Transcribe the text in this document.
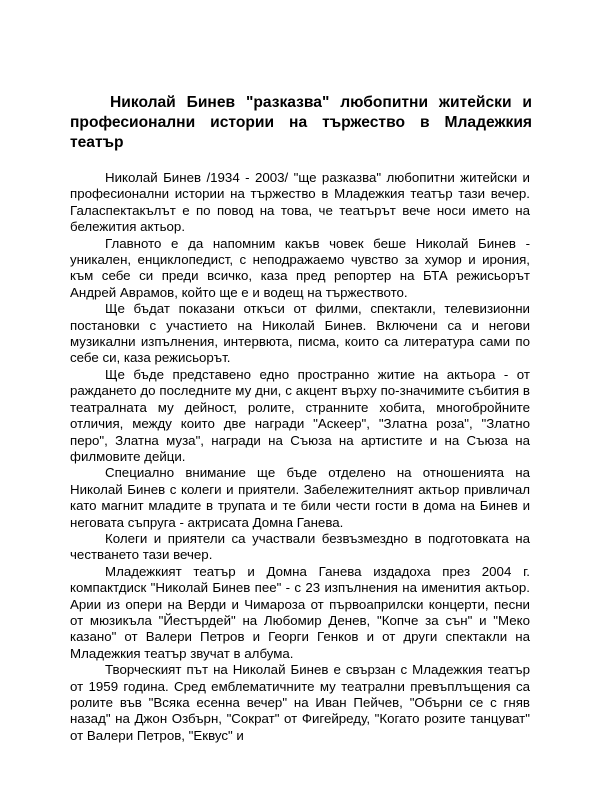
Николай Бинев "разказва" любопитни житейски и професионални истории на тържество в Младежкия театър

Николай Бинев /1934 - 2003/ "ще разказва" любопитни житейски и професионални истории на тържество в Младежкия театър тази вечер. Галаспектакълът е по повод на това, че театърът вече носи името на бележития актьор.

Главното е да напомним какъв човек беше Николай Бинев - уникален, енциклопедист, с неподражаемо чувство за хумор и ирония, към себе си преди всичко, каза пред репортер на БТА режисьорът Андрей Аврамов, който ще е и водещ на тържеството.

Ще бъдат показани откъси от филми, спектакли, телевизионни постановки с участието на Николай Бинев. Включени са и негови музикални изпълнения, интервюта, писма, които са литература сами по себе си, каза режисьорът.

Ще бъде представено едно пространно житие на актьора - от раждането до последните му дни, с акцент върху по-значимите събития в театралната му дейност, ролите, странните хобита, многобройните отличия, между които две награди "Аскеер", "Златна роза", "Златно перо", Златна муза", награди на Съюза на артистите и на Съюза на филмовите дейци.

Специално внимание ще бъде отделено на отношенията на Николай Бинев с колеги и приятели. Забележителният актьор привличал като магнит младите в трупата и те били чести гости в дома на Бинев и неговата съпруга - актрисата Домна Ганева.

Колеги и приятели са участвали безвъзмездно в подготовката на честването тази вечер.

Младежкият театър и Домна Ганева издадоха през 2004 г. компактдиск "Николай Бинев пее" - с 23 изпълнения на именития актьор. Арии из опери на Верди и Чимароза от първоаприлски концерти, песни от мюзикъла "Йестърдей" на Любомир Денев, "Копче за сън" и "Меко казано" от Валери Петров и Георги Генков и от други спектакли на Младежкия театър звучат в албума.

Творческият път на Николай Бинев е свързан с Младежкия театър от 1959 година. Сред емблематичните му театрални превъплъщения са ролите във "Всяка есенна вечер" на Иван Пейчев, "Обърни се с гняв назад" на Джон Озбърн, "Сократ" от Фигейреду, "Когато розите танцуват" от Валери Петров, "Еквус" и
